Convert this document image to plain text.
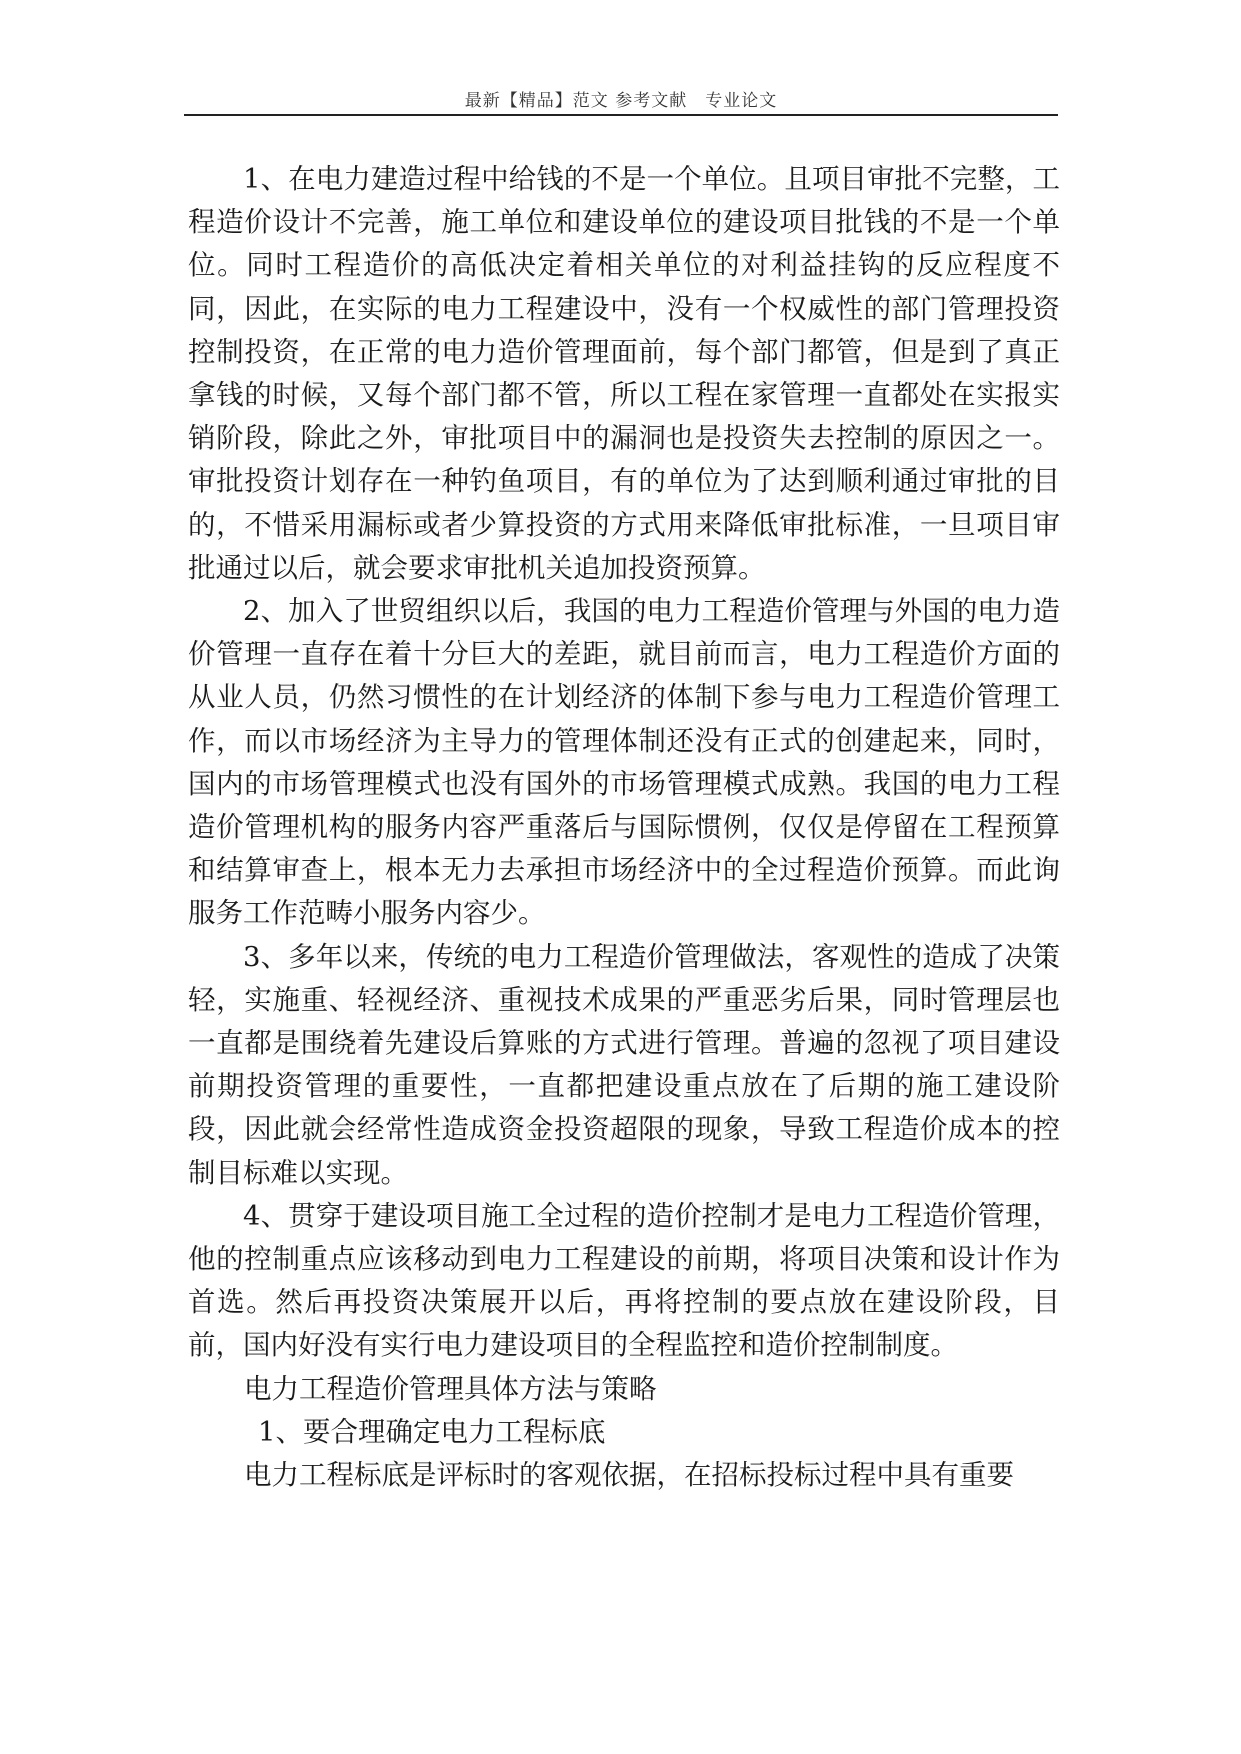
最新【精品】范文 参考文献　专业论文

1、在电力建造过程中给钱的不是一个单位。且项目审批不完整，工程造价设计不完善，施工单位和建设单位的建设项目批钱的不是一个单位。同时工程造价的高低决定着相关单位的对利益挂钩的反应程度不同，因此，在实际的电力工程建设中，没有一个权威性的部门管理投资控制投资，在正常的电力造价管理面前，每个部门都管，但是到了真正拿钱的时候，又每个部门都不管，所以工程在家管理一直都处在实报实销阶段，除此之外，审批项目中的漏洞也是投资失去控制的原因之一。审批投资计划存在一种钓鱼项目，有的单位为了达到顺利通过审批的目的，不惜采用漏标或者少算投资的方式用来降低审批标准，一旦项目审批通过以后，就会要求审批机关追加投资预算。

2、加入了世贸组织以后，我国的电力工程造价管理与外国的电力造价管理一直存在着十分巨大的差距，就目前而言，电力工程造价方面的从业人员，仍然习惯性的在计划经济的体制下参与电力工程造价管理工作，而以市场经济为主导力的管理体制还没有正式的创建起来，同时，国内的市场管理模式也没有国外的市场管理模式成熟。我国的电力工程造价管理机构的服务内容严重落后与国际惯例，仅仅是停留在工程预算和结算审查上，根本无力去承担市场经济中的全过程造价预算。而此询服务工作范畴小服务内容少。

3、多年以来，传统的电力工程造价管理做法，客观性的造成了决策轻，实施重、轻视经济、重视技术成果的严重恶劣后果，同时管理层也一直都是围绕着先建设后算账的方式进行管理。普遍的忽视了项目建设前期投资管理的重要性，一直都把建设重点放在了后期的施工建设阶段，因此就会经常性造成资金投资超限的现象，导致工程造价成本的控制目标难以实现。

4、贯穿于建设项目施工全过程的造价控制才是电力工程造价管理，他的控制重点应该移动到电力工程建设的前期，将项目决策和设计作为首选。然后再投资决策展开以后，再将控制的要点放在建设阶段，目前，国内好没有实行电力建设项目的全程监控和造价控制制度。

电力工程造价管理具体方法与策略

1、要合理确定电力工程标底

电力工程标底是评标时的客观依据，在招标投标过程中具有重要
